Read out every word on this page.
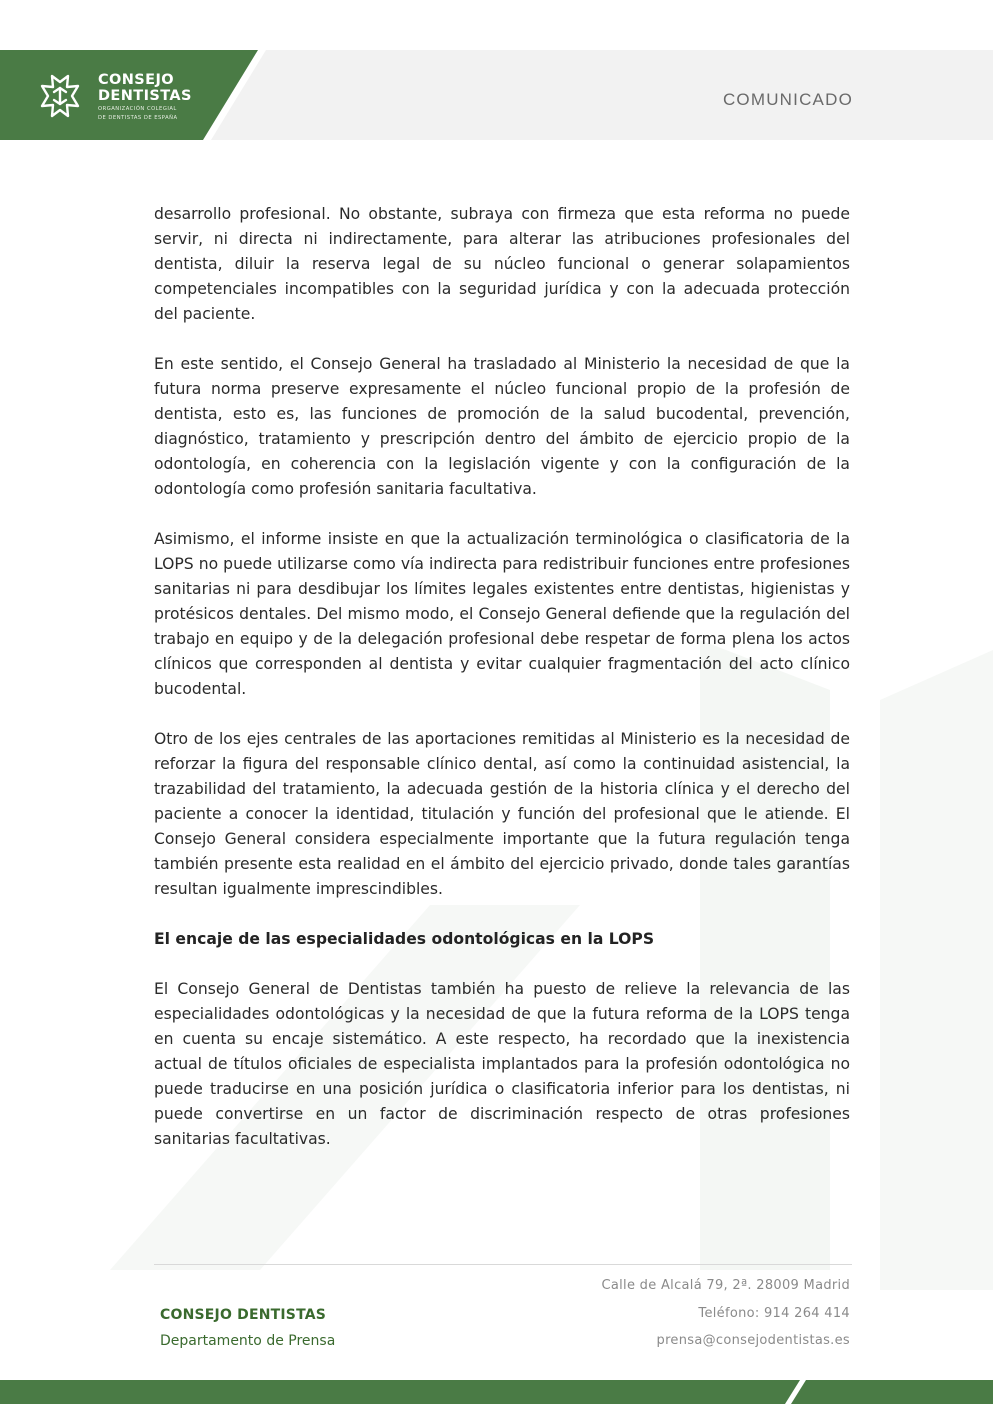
CONSEJO
DENTISTAS
ORGANIZACIÓN COLEGIAL
DE DENTISTAS DE ESPAÑA
COMUNICADO

desarrollo profesional. No obstante, subraya con firmeza que esta reforma no puede servir, ni directa ni indirectamente, para alterar las atribuciones profesionales del dentista, diluir la reserva legal de su núcleo funcional o generar solapamientos competenciales incompatibles con la seguridad jurídica y con la adecuada protección del paciente.

En este sentido, el Consejo General ha trasladado al Ministerio la necesidad de que la futura norma preserve expresamente el núcleo funcional propio de la profesión de dentista, esto es, las funciones de promoción de la salud bucodental, prevención, diagnóstico, tratamiento y prescripción dentro del ámbito de ejercicio propio de la odontología, en coherencia con la legislación vigente y con la configuración de la odontología como profesión sanitaria facultativa.

Asimismo, el informe insiste en que la actualización terminológica o clasificatoria de la LOPS no puede utilizarse como vía indirecta para redistribuir funciones entre profesiones sanitarias ni para desdibujar los límites legales existentes entre dentistas, higienistas y protésicos dentales. Del mismo modo, el Consejo General defiende que la regulación del trabajo en equipo y de la delegación profesional debe respetar de forma plena los actos clínicos que corresponden al dentista y evitar cualquier fragmentación del acto clínico bucodental.

Otro de los ejes centrales de las aportaciones remitidas al Ministerio es la necesidad de reforzar la figura del responsable clínico dental, así como la continuidad asistencial, la trazabilidad del tratamiento, la adecuada gestión de la historia clínica y el derecho del paciente a conocer la identidad, titulación y función del profesional que le atiende. El Consejo General considera especialmente importante que la futura regulación tenga también presente esta realidad en el ámbito del ejercicio privado, donde tales garantías resultan igualmente imprescindibles.

El encaje de las especialidades odontológicas en la LOPS

El Consejo General de Dentistas también ha puesto de relieve la relevancia de las especialidades odontológicas y la necesidad de que la futura reforma de la LOPS tenga en cuenta su encaje sistemático. A este respecto, ha recordado que la inexistencia actual de títulos oficiales de especialista implantados para la profesión odontológica no puede traducirse en una posición jurídica o clasificatoria inferior para los dentistas, ni puede convertirse en un factor de discriminación respecto de otras profesiones sanitarias facultativas.

CONSEJO DENTISTAS
Departamento de Prensa
Calle de Alcalá 79, 2ª. 28009 Madrid
Teléfono: 914 264 414
prensa@consejodentistas.es
